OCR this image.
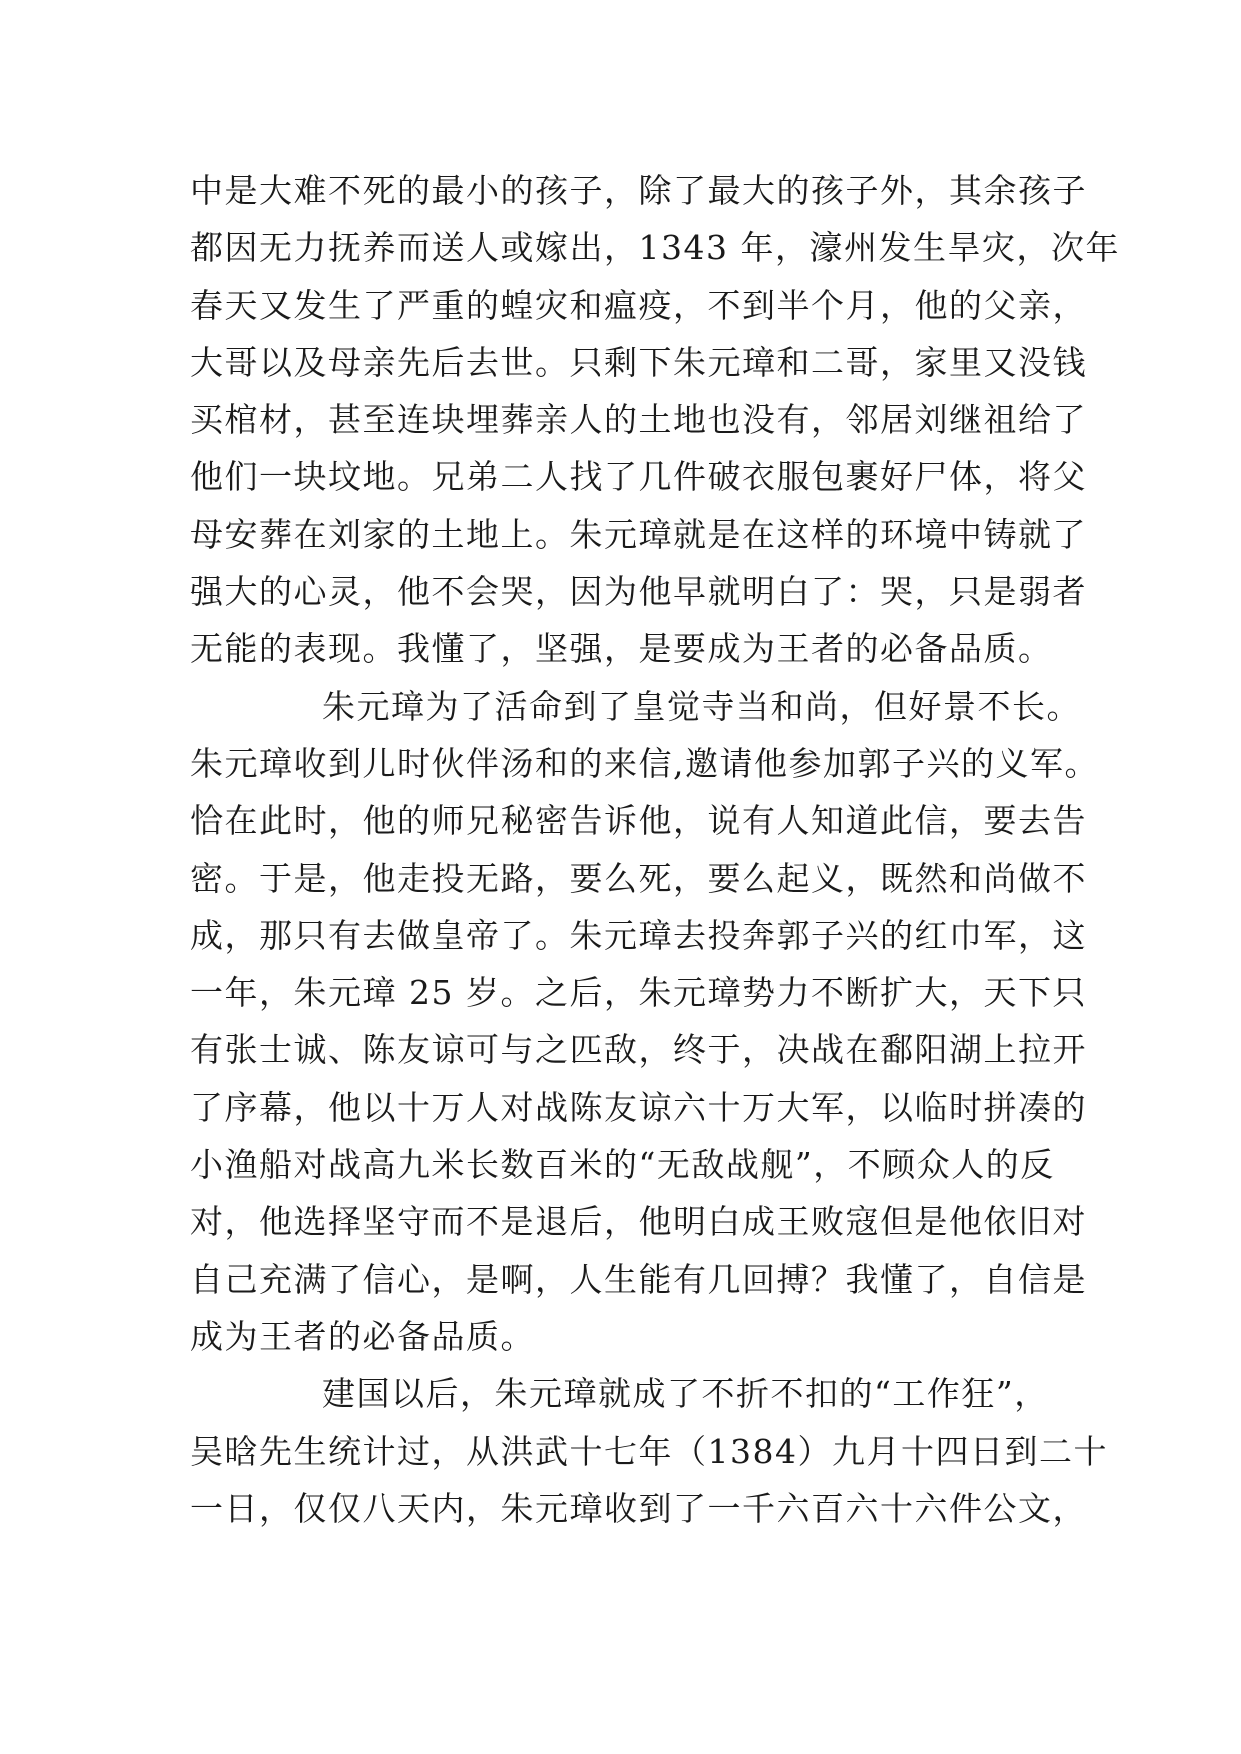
中是大难不死的最小的孩子，除了最大的孩子外，其余孩子
都因无力抚养而送人或嫁出，1343 年，濠州发生旱灾，次年
春天又发生了严重的蝗灾和瘟疫，不到半个月，他的父亲，
大哥以及母亲先后去世。只剩下朱元璋和二哥，家里又没钱
买棺材，甚至连块埋葬亲人的土地也没有，邻居刘继祖给了
他们一块坟地。兄弟二人找了几件破衣服包裹好尸体，将父
母安葬在刘家的土地上。朱元璋就是在这样的环境中铸就了
强大的心灵，他不会哭，因为他早就明白了：哭，只是弱者
无能的表现。我懂了，坚强，是要成为王者的必备品质。
朱元璋为了活命到了皇觉寺当和尚，但好景不长。
朱元璋收到儿时伙伴汤和的来信,邀请他参加郭子兴的义军。
恰在此时，他的师兄秘密告诉他，说有人知道此信，要去告
密。于是，他走投无路，要么死，要么起义，既然和尚做不
成，那只有去做皇帝了。朱元璋去投奔郭子兴的红巾军，这
一年，朱元璋 25 岁。之后，朱元璋势力不断扩大，天下只
有张士诚、陈友谅可与之匹敌，终于，决战在鄱阳湖上拉开
了序幕，他以十万人对战陈友谅六十万大军，以临时拼凑的
小渔船对战高九米长数百米的“无敌战舰”，不顾众人的反
对，他选择坚守而不是退后，他明白成王败寇但是他依旧对
自己充满了信心，是啊，人生能有几回搏？我懂了，自信是
成为王者的必备品质。
建国以后，朱元璋就成了不折不扣的“工作狂”，
吴晗先生统计过，从洪武十七年（1384）九月十四日到二十
一日，仅仅八天内，朱元璋收到了一千六百六十六件公文，
